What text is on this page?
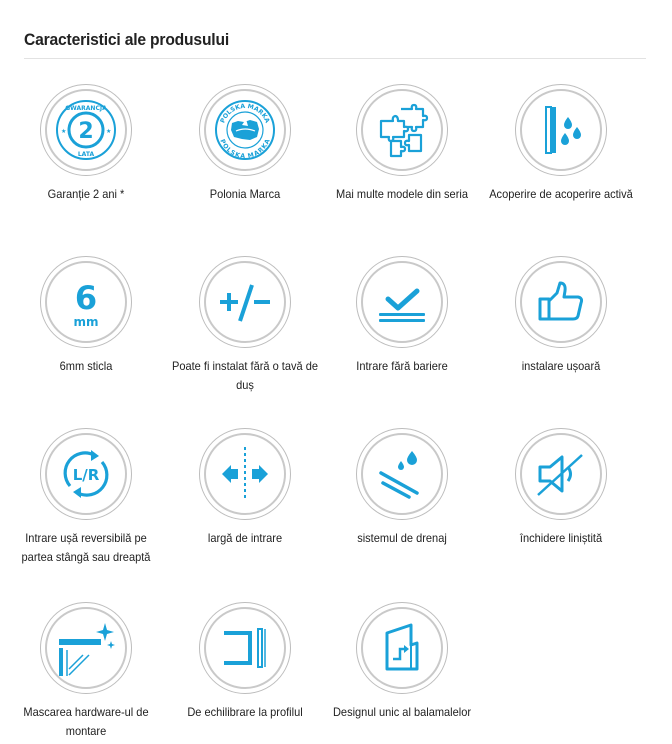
Caracteristici ale produsului
2
GWARANCJA
LATA
★	★
Garanție 2 ani *
POLSKA MARKA
POLSKA MARKA
Polonia Marca	Mai multe modele din seria	Acoperire de acoperire activă
6
mm
6mm sticla	Poate fi instalat fără o tavă de duș
Intrare fără bariere	instalare ușoară
L/R
Intrare ușă reversibilă pe partea stângă sau dreaptă
largă de intrare	sistemul de drenaj	închidere liniștită
Mascarea hardware-ul de montare
De echilibrare la profilul	Designul unic al balamalelor
